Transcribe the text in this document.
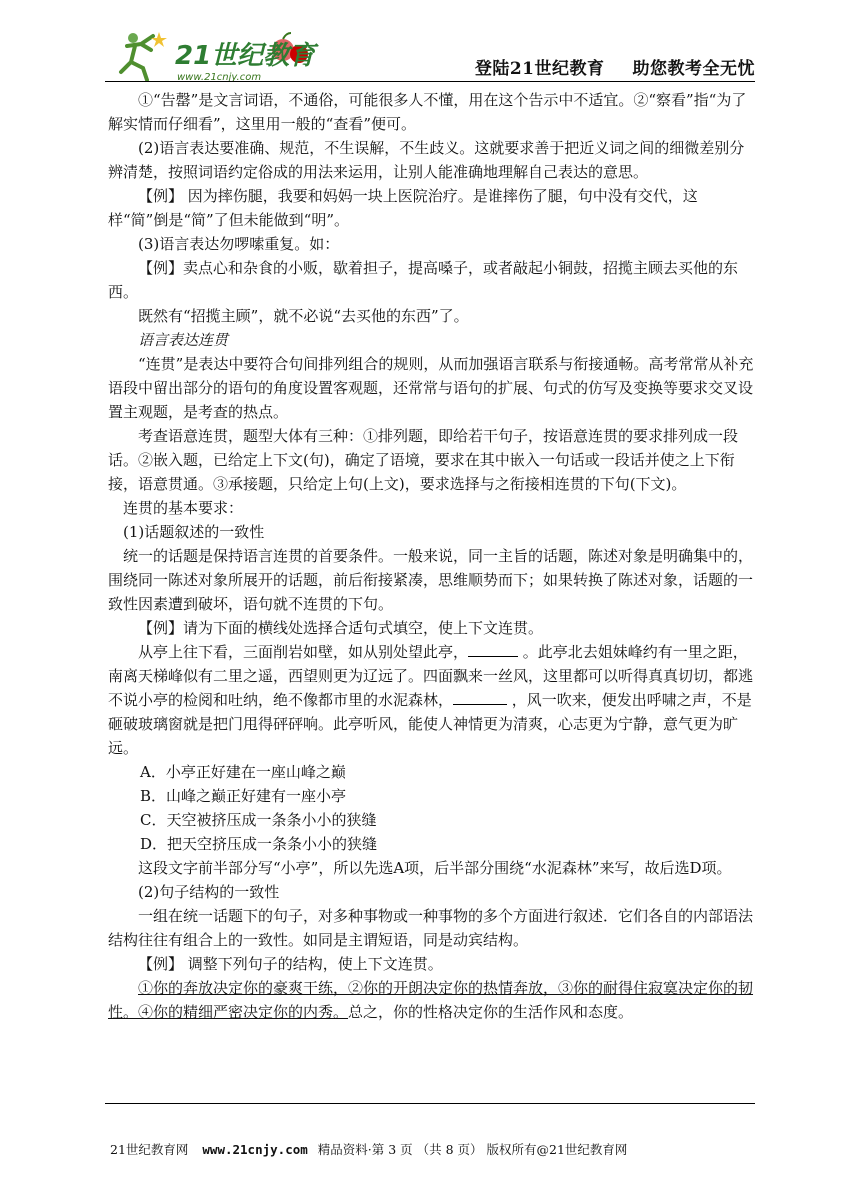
21世纪教育
www.21cnjy.com	登陆21世纪教育 助您教考全无忧

①“告罄”是文言词语，不通俗，可能很多人不懂，用在这个告示中不适宜。②“察看”指“为了解实情而仔细看”，这里用一般的“查看”便可。

(2)语言表达要准确、规范，不生误解，不生歧义。这就要求善于把近义词之间的细微差别分辨清楚，按照词语约定俗成的用法来运用，让别人能准确地理解自己表达的意思。

【例】 因为摔伤腿，我要和妈妈一块上医院治疗。是谁摔伤了腿，句中没有交代，这样“简”倒是“简”了但未能做到“明”。

(3)语言表达勿啰嗦重复。如：

【例】卖点心和杂食的小贩，歇着担子，提高嗓子，或者敲起小铜鼓，招揽主顾去买他的东西。

既然有“招揽主顾”，就不必说“去买他的东西”了。

语言表达连贯

“连贯”是表达中要符合句间排列组合的规则，从而加强语言联系与衔接通畅。高考常常从补充语段中留出部分的语句的角度设置客观题，还常常与语句的扩展、句式的仿写及变换等要求交叉设置主观题，是考查的热点。

考查语意连贯，题型大体有三种：①排列题，即给若干句子，按语意连贯的要求排列成一段话。②嵌入题，已给定上下文(句)，确定了语境，要求在其中嵌入一句话或一段话并使之上下衔接，语意贯通。③承接题，只给定上句(上文)，要求选择与之衔接相连贯的下句(下文)。

连贯的基本要求：

(1)话题叙述的一致性

统一的话题是保持语言连贯的首要条件。一般来说，同一主旨的话题，陈述对象是明确集中的，围绕同一陈述对象所展开的话题，前后衔接紧凑，思维顺势而下；如果转换了陈述对象，话题的一致性因素遭到破坏，语句就不连贯的下句。

【例】请为下面的横线处选择合适句式填空，使上下文连贯。

从亭上往下看，三面削岩如壁，如从别处望此亭，	。此亭北去姐妹峰约有一里之距，南离天梯峰似有二里之遥，西望则更为辽远了。四面飘来一丝风，这里都可以听得真真切切，都逃不说小亭的检阅和吐纳，绝不像都市里的水泥森林，	，风一吹来，便发出呼啸之声，不是砸破玻璃窗就是把门甩得砰砰响。此亭听风，能使人神情更为清爽，心志更为宁静，意气更为旷远。

A．小亭正好建在一座山峰之巅

B．山峰之巅正好建有一座小亭

C．天空被挤压成一条条小小的狭缝

D．把天空挤压成一条条小小的狭缝

这段文字前半部分写“小亭”，所以先选A项，后半部分围绕“水泥森林”来写，故后选D项。

(2)句子结构的一致性

一组在统一话题下的句子，对多种事物或一种事物的多个方面进行叙述．它们各自的内部语法结构往往有组合上的一致性。如同是主谓短语，同是动宾结构。

【例】 调整下列句子的结构，使上下文连贯。

①你的奔放决定你的豪爽干练，②你的开朗决定你的热情奔放，③你的耐得住寂寞决定你的韧性。④你的精细严密决定你的内秀。总之，你的性格决定你的生活作风和态度。

21世纪教育网 www.21cnjy.com 精品资料·第 3 页 （共 8 页） 版权所有@21世纪教育网
